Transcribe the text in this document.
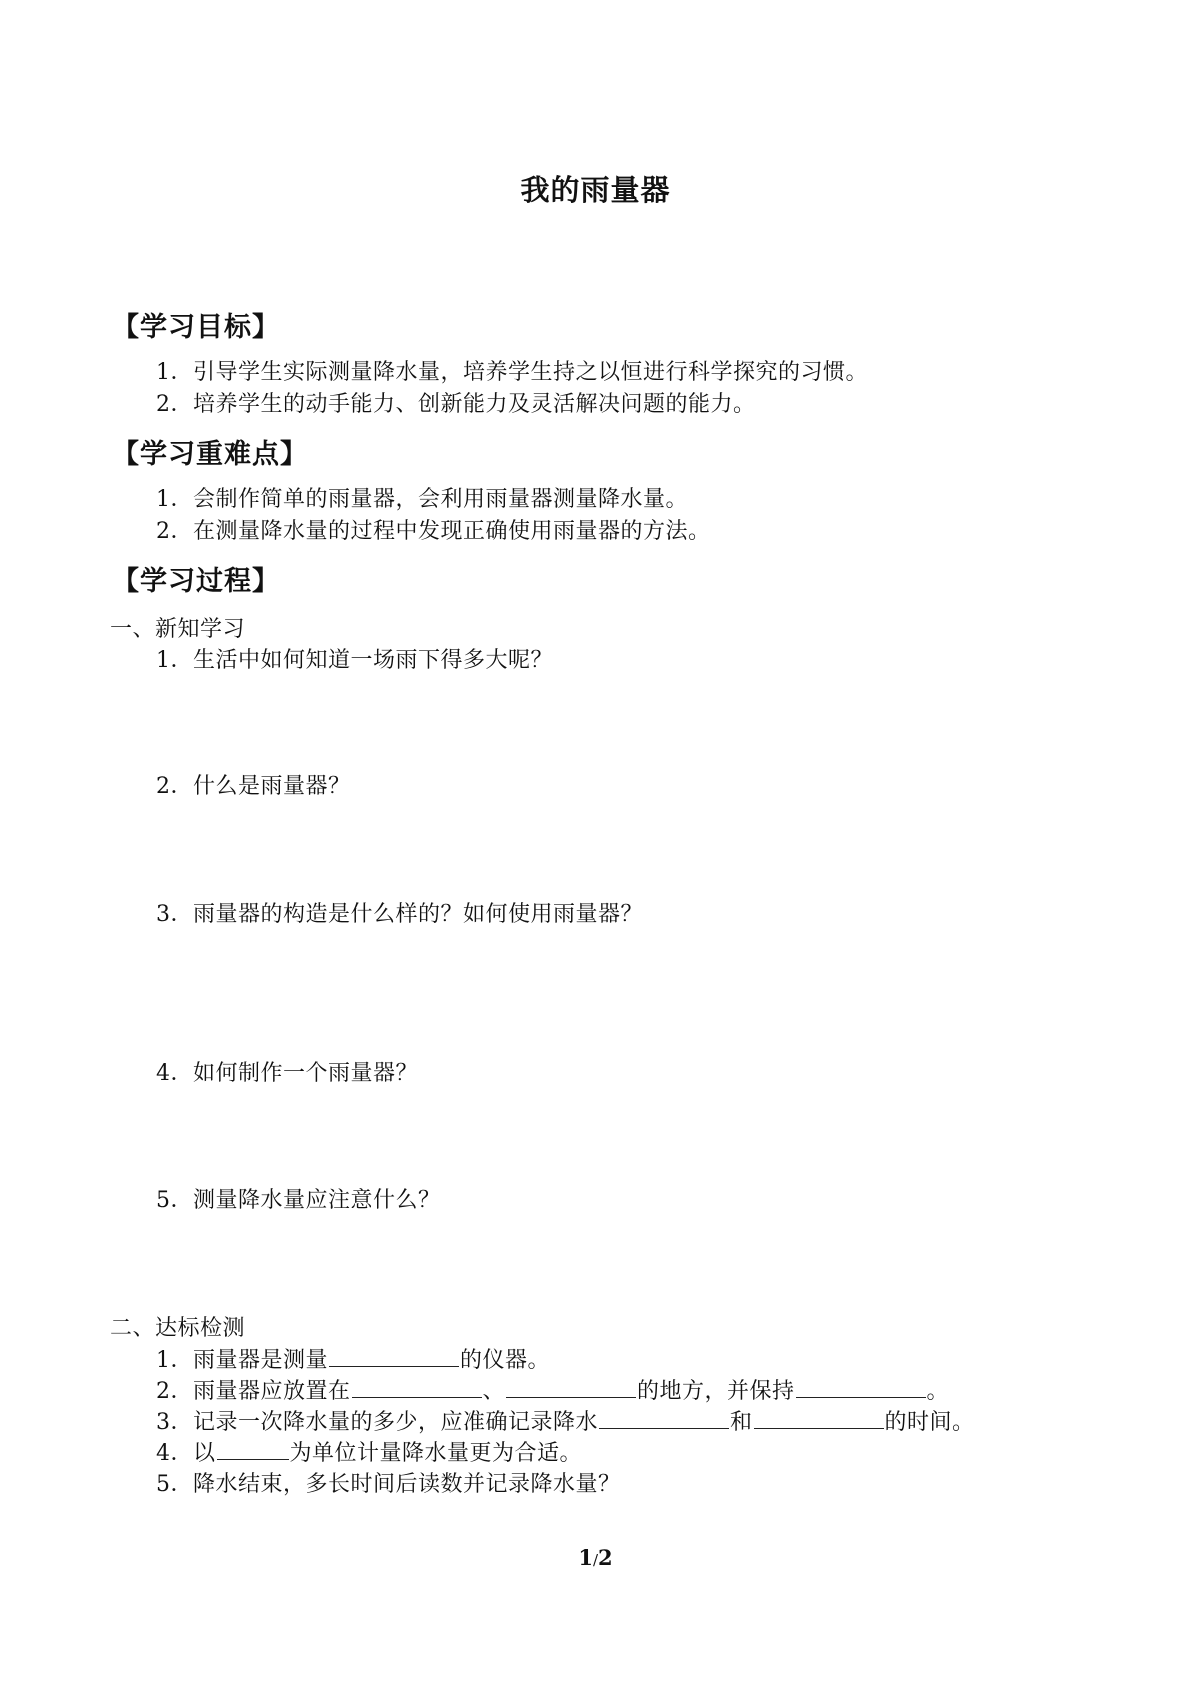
我的雨量器
【学习目标】
1．引导学生实际测量降水量，培养学生持之以恒进行科学探究的习惯。
2．培养学生的动手能力、创新能力及灵活解决问题的能力。
【学习重难点】
1．会制作简单的雨量器，会利用雨量器测量降水量。
2．在测量降水量的过程中发现正确使用雨量器的方法。
【学习过程】
一、新知学习
1．生活中如何知道一场雨下得多大呢？
2．什么是雨量器？
3．雨量器的构造是什么样的？如何使用雨量器？
4．如何制作一个雨量器？
5．测量降水量应注意什么？
二、达标检测
1．雨量器是测量	的仪器。
2．雨量器应放置在	、	的地方，并保持	。
3．记录一次降水量的多少，应准确记录降水	和	的时间。
4．以	为单位计量降水量更为合适。
5．降水结束，多长时间后读数并记录降水量？
1/2
